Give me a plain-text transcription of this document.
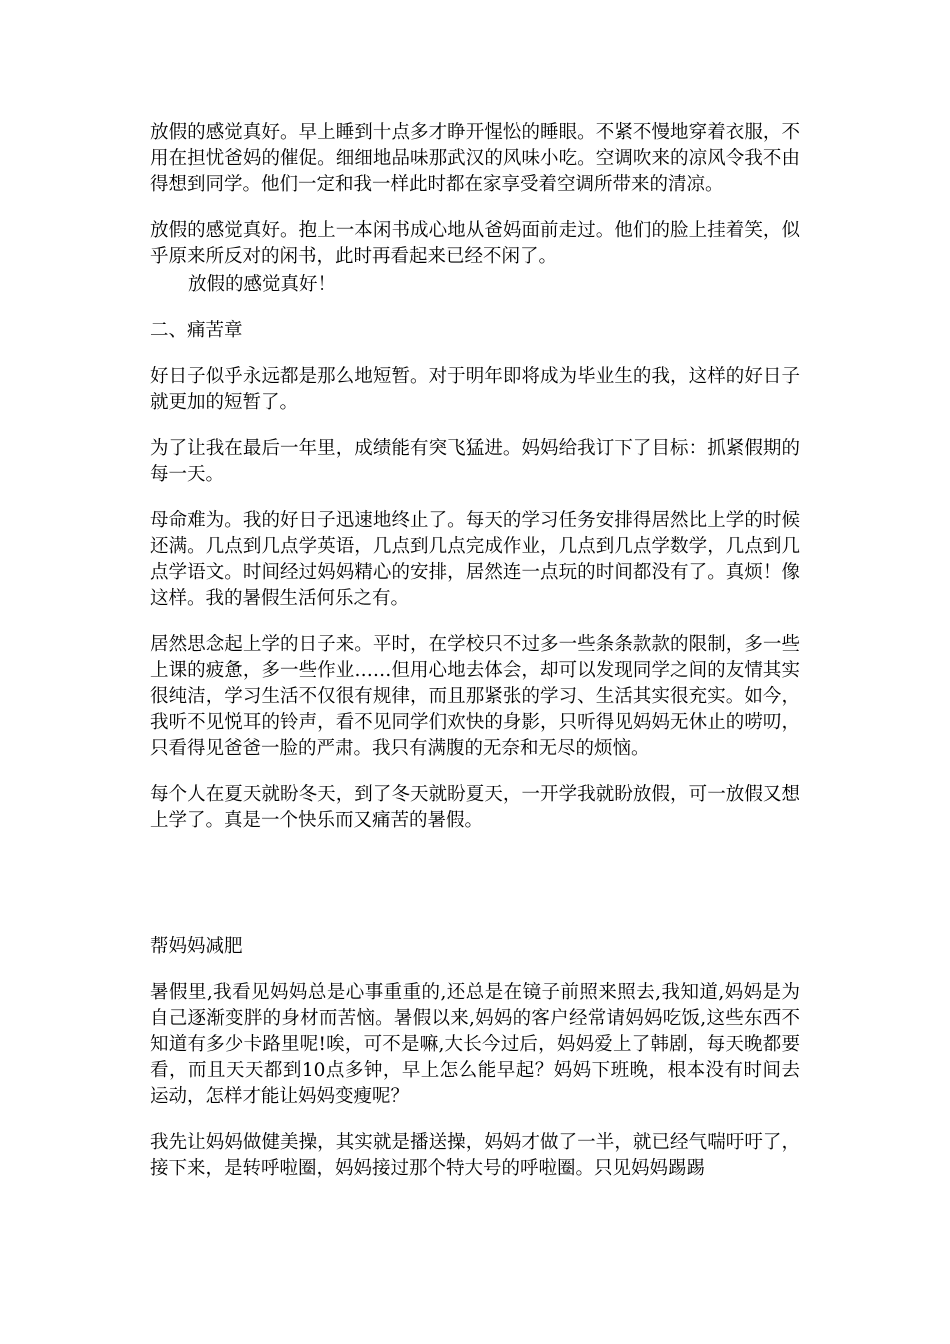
放假的感觉真好。早上睡到十点多才睁开惺忪的睡眼。不紧不慢地穿着衣服，不用在担忧爸妈的催促。细细地品味那武汉的风味小吃。空调吹来的凉风令我不由得想到同学。他们一定和我一样此时都在家享受着空调所带来的清凉。

放假的感觉真好。抱上一本闲书成心地从爸妈面前走过。他们的脸上挂着笑，似乎原来所反对的闲书，此时再看起来已经不闲了。

放假的感觉真好！

二、痛苦章

好日子似乎永远都是那么地短暂。对于明年即将成为毕业生的我，这样的好日子就更加的短暂了。

为了让我在最后一年里，成绩能有突飞猛进。妈妈给我订下了目标：抓紧假期的每一天。

母命难为。我的好日子迅速地终止了。每天的学习任务安排得居然比上学的时候还满。几点到几点学英语，几点到几点完成作业，几点到几点学数学，几点到几点学语文。时间经过妈妈精心的安排，居然连一点玩的时间都没有了。真烦！像这样。我的暑假生活何乐之有。

居然思念起上学的日子来。平时，在学校只不过多一些条条款款的限制，多一些上课的疲惫，多一些作业……但用心地去体会，却可以发现同学之间的友情其实很纯洁，学习生活不仅很有规律，而且那紧张的学习、生活其实很充实。如今，我听不见悦耳的铃声，看不见同学们欢快的身影，只听得见妈妈无休止的唠叨，只看得见爸爸一脸的严肃。我只有满腹的无奈和无尽的烦恼。

每个人在夏天就盼冬天，到了冬天就盼夏天，一开学我就盼放假，可一放假又想上学了。真是一个快乐而又痛苦的暑假。

帮妈妈减肥

暑假里,我看见妈妈总是心事重重的,还总是在镜子前照来照去,我知道,妈妈是为自己逐渐变胖的身材而苦恼。暑假以来,妈妈的客户经常请妈妈吃饭,这些东西不知道有多少卡路里呢!唉，可不是嘛,大长今过后，妈妈爱上了韩剧，每天晚都要看，而且天天都到10点多钟，早上怎么能早起？妈妈下班晚，根本没有时间去运动，怎样才能让妈妈变瘦呢？

我先让妈妈做健美操，其实就是播送操，妈妈才做了一半，就已经气喘吁吁了，接下来，是转呼啦圈，妈妈接过那个特大号的呼啦圈。只见妈妈踢踢
